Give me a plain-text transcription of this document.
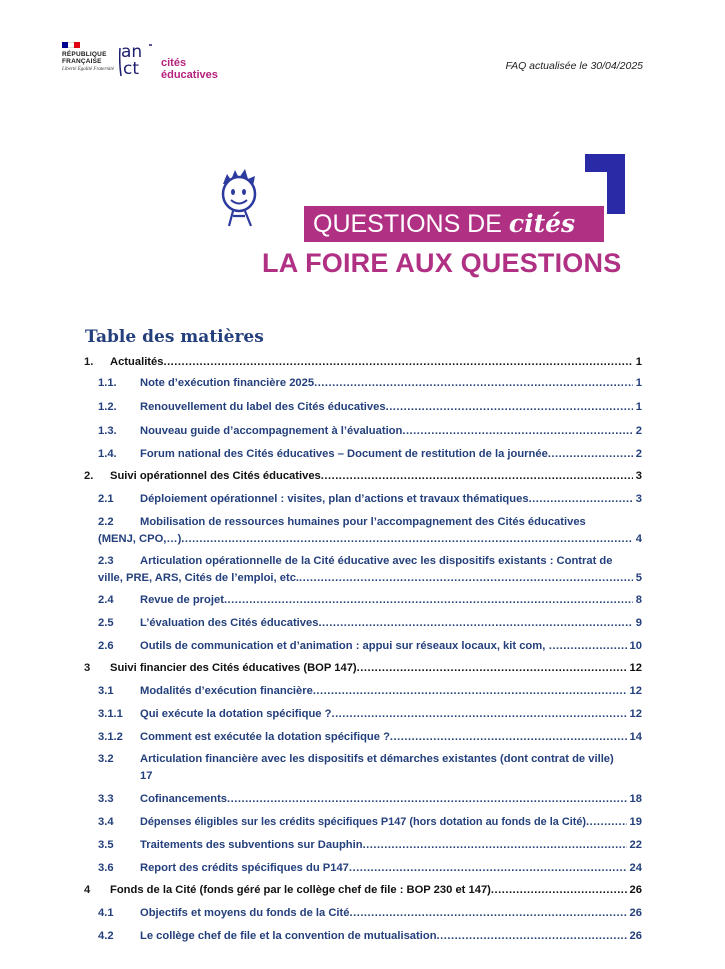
RÉPUBLIQUE FRANÇAISE
Liberté Égalité Fraternité
an
ct cités éducatives
FAQ actualisée le 30/04/2025
QUESTIONS DE cités
LA FOIRE AUX QUESTIONS
Table des matières
1. Actualités .....	1
1.1. Note d’exécution financière 2025 .....	1
1.2. Renouvellement du label des Cités éducatives .....	1
1.3. Nouveau guide d’accompagnement à l’évaluation .....	2
1.4. Forum national des Cités éducatives – Document de restitution de la journée .....	2
2. Suivi opérationnel des Cités éducatives .....	3
2.1 Déploiement opérationnel : visites, plan d’actions et travaux thématiques .....	3
2.2	Mobilisation de ressources humaines pour l’accompagnement des Cités éducatives
(MENJ, CPO,…) .....	4
2.3	Articulation opérationnelle de la Cité éducative avec les dispositifs existants : Contrat de
ville, PRE, ARS, Cités de l’emploi, etc. .....	5
2.4 Revue de projet .....	8
2.5 L’évaluation des Cités éducatives .....	9
2.6 Outils de communication et d’animation : appui sur réseaux locaux, kit com, … .....	10
3 Suivi financier des Cités éducatives (BOP 147) .....	12
3.1 Modalités d’exécution financière .....	12
3.1.1 Qui exécute la dotation spécifique ? .....	12
3.1.2 Comment est exécutée la dotation spécifique ? .....	14
3.2	Articulation financière avec les dispositifs et démarches existantes (dont contrat de ville)
17
3.3 Cofinancements .....	18
3.4 Dépenses éligibles sur les crédits spécifiques P147 (hors dotation au fonds de la Cité) .....	19
3.5 Traitements des subventions sur Dauphin .....	22
3.6 Report des crédits spécifiques du P147 .....	24
4 Fonds de la Cité (fonds géré par le collège chef de file : BOP 230 et 147) .....	26
4.1 Objectifs et moyens du fonds de la Cité .....	26
4.2 Le collège chef de file et la convention de mutualisation .....	26
